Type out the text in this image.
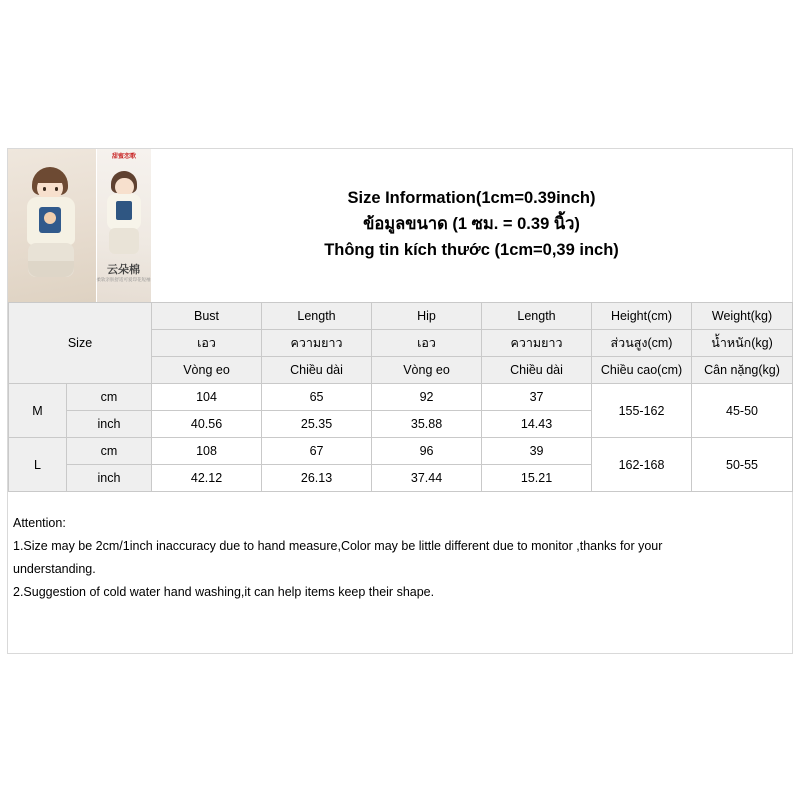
甜蜜恋歌
云朵棉
柔软亲肤舒适可爱印花短袖
Size Information(1cm=0.39inch)
ข้อมูลขนาด (1 ซม. = 0.39 นิ้ว)
Thông tin kích thước (1cm=0,39 inch)
Size		Bust	Length	Hip	Length	Height(cm)	Weight(kg)
		เอว	ความยาว	เอว	ความยาว	ส่วนสูง(cm)	น้ำหนัก(kg)
		Vòng eo	Chiều dài	Vòng eo	Chiều dài	Chiều cao(cm)	Cân nặng(kg)
M	cm	104	65	92	37	155-162	45-50
	inch	40.56	25.35	35.88	14.43		
L	cm	108	67	96	39	162-168	50-55
	inch	42.12	26.13	37.44	15.21		
Attention:
1.Size may be 2cm/1inch inaccuracy due to hand measure,Color may be little different due to monitor ,thanks for your
understanding.
2.Suggestion of cold water hand washing,it can help items keep their shape.
